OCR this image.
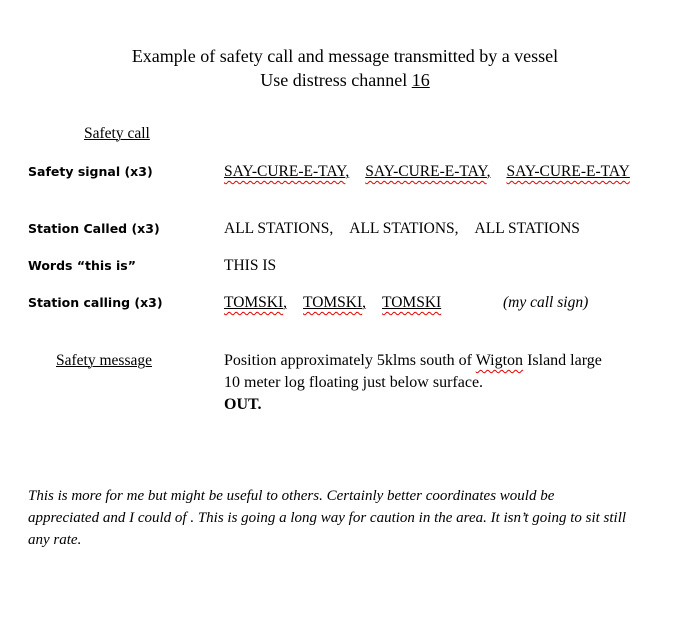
Example of safety call and message transmitted by a vessel
Use distress channel 16
Safety call
Safety signal (x3)	SAY-CURE-E-TAY, SAY-CURE-E-TAY, SAY-CURE-E-TAY
Station Called (x3)	ALL STATIONS, ALL STATIONS, ALL STATIONS
Words “this is”	THIS IS
Station calling (x3)	TOMSKI, TOMSKI, TOMSKI	(my call sign)
Safety message	Position approximately 5klms south of Wigton Island large
10 meter log floating just below surface.
OUT.
This is more for me but might be useful to others. Certainly better coordinates would be
appreciated and I could of . This is going a long way for caution in the area. It isn’t going to sit still
any rate.
